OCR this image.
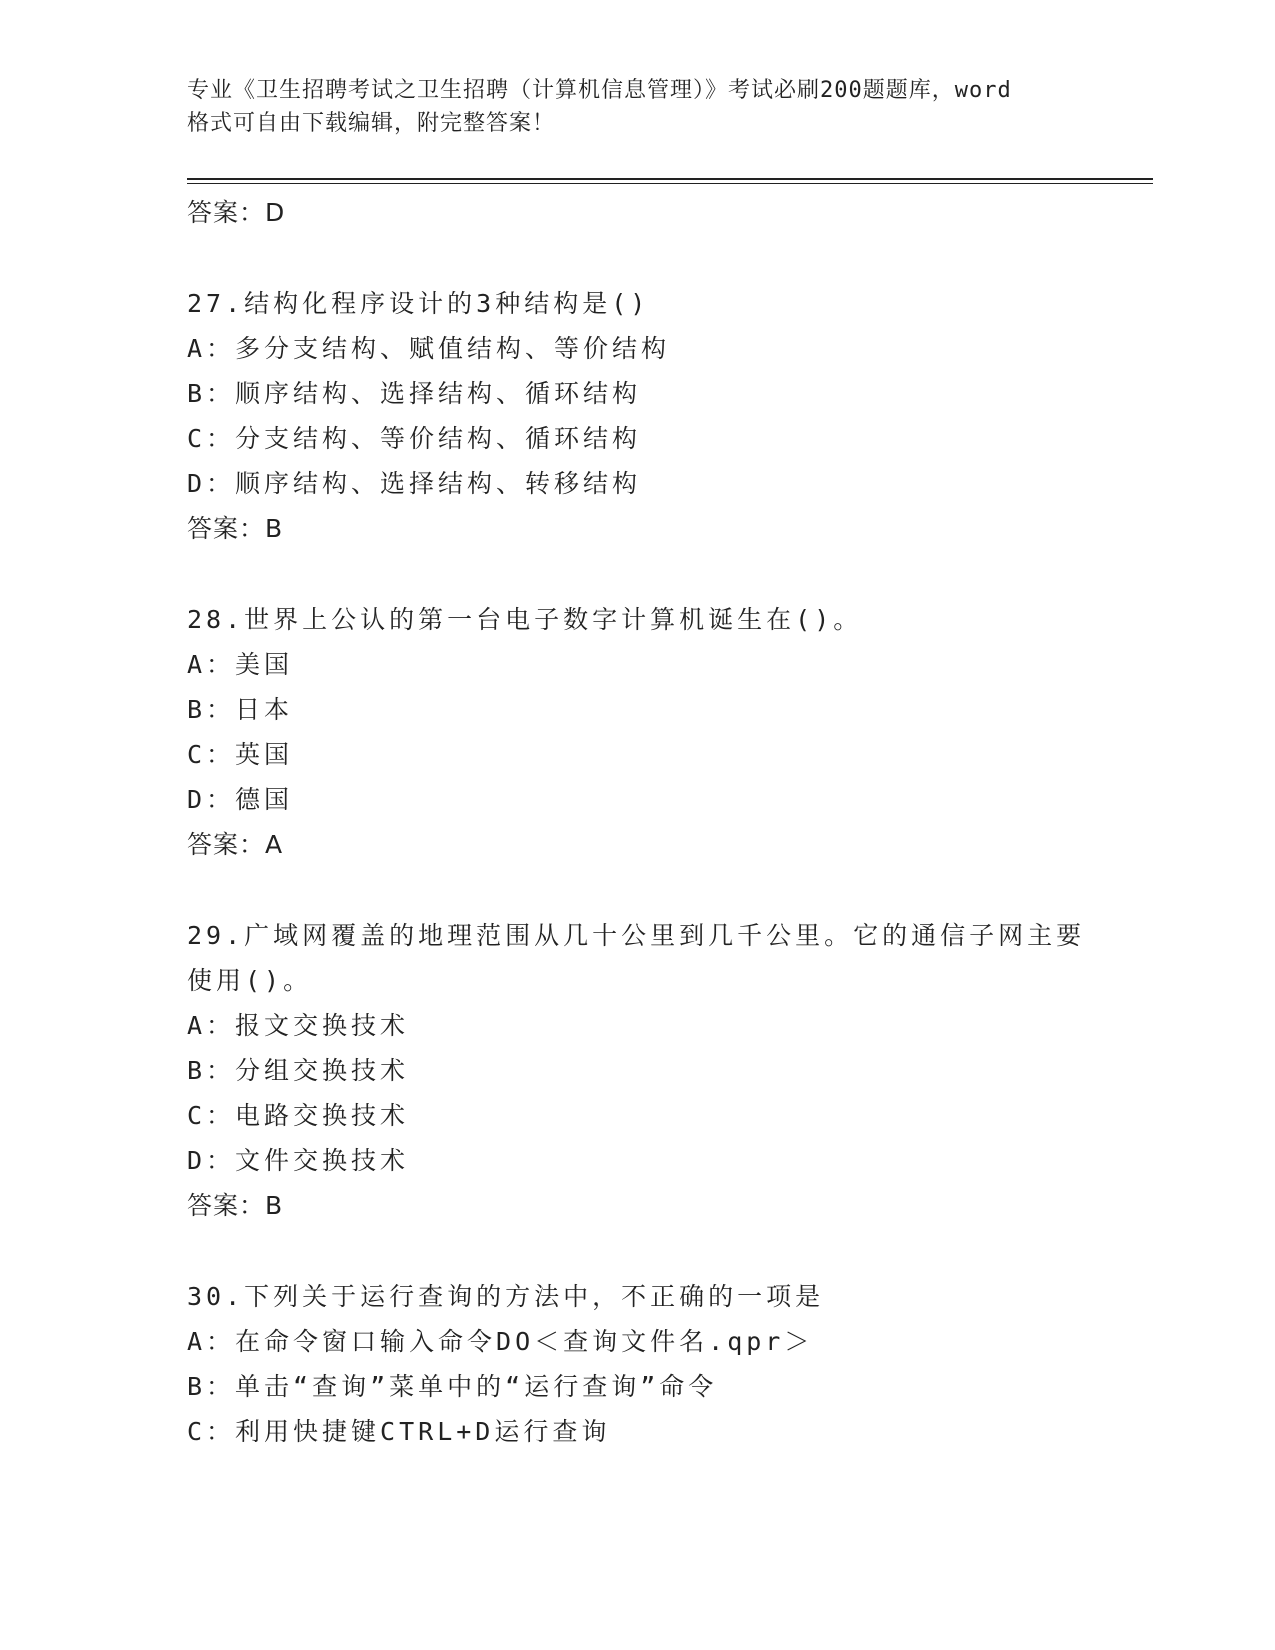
专业《卫生招聘考试之卫生招聘（计算机信息管理）》考试必刷200题题库，word
格式可自由下载编辑，附完整答案！
答案：D
27.结构化程序设计的3种结构是()
A：多分支结构、赋值结构、等价结构
B：顺序结构、选择结构、循环结构
C：分支结构、等价结构、循环结构
D：顺序结构、选择结构、转移结构
答案：B
28.世界上公认的第一台电子数字计算机诞生在()。
A：美国
B：日本
C：英国
D：德国
答案：A
29.广域网覆盖的地理范围从几十公里到几千公里。它的通信子网主要
使用()。
A：报文交换技术
B：分组交换技术
C：电路交换技术
D：文件交换技术
答案：B
30.下列关于运行查询的方法中，不正确的一项是
A：在命令窗口输入命令DO＜查询文件名.qpr＞
B：单击“查询”菜单中的“运行查询”命令
C：利用快捷键CTRL+D运行查询
